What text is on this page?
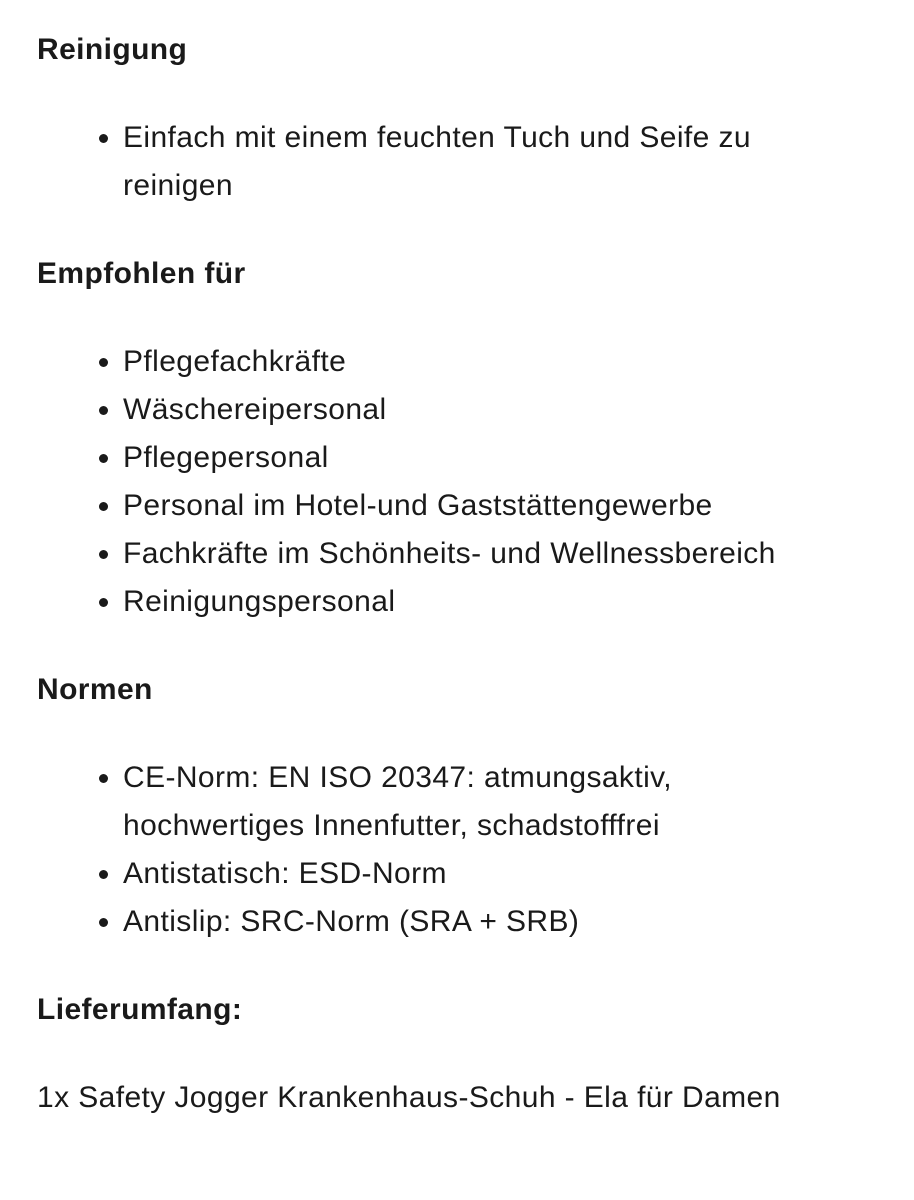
Reinigung
• Einfach mit einem feuchten Tuch und Seife zu reinigen
Empfohlen für
• Pflegefachkräfte
• Wäschereipersonal
• Pflegepersonal
• Personal im Hotel-und Gaststättengewerbe
• Fachkräfte im Schönheits- und Wellnessbereich
• Reinigungspersonal
Normen
• CE-Norm: EN ISO 20347: atmungsaktiv, hochwertiges Innenfutter, schadstofffrei
• Antistatisch: ESD-Norm
• Antislip: SRC-Norm (SRA + SRB)
Lieferumfang:

1x Safety Jogger Krankenhaus-Schuh - Ela für Damen
